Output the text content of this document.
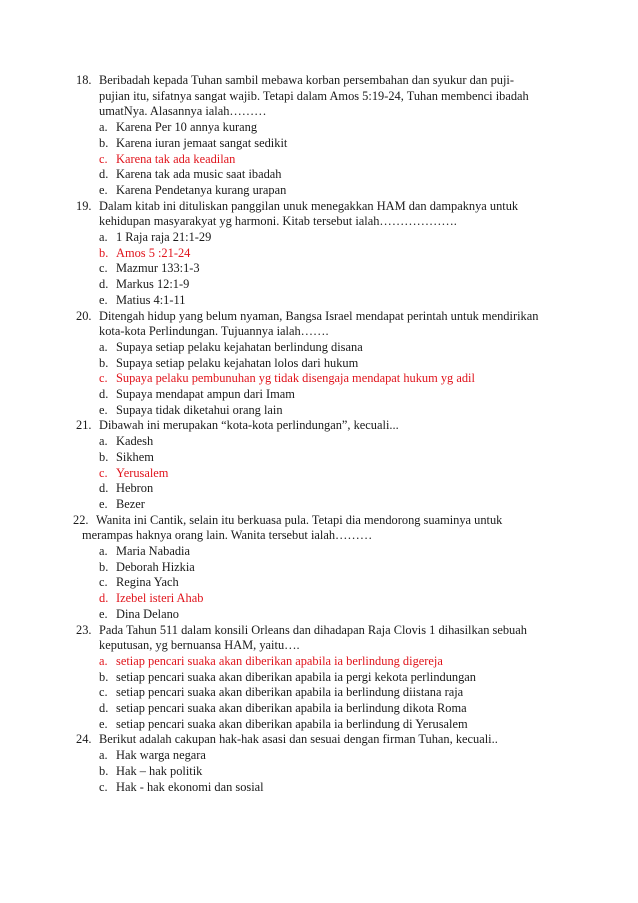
18. Beribadah kepada Tuhan sambil mebawa korban persembahan dan syukur dan puji-
pujian itu, sifatnya sangat wajib. Tetapi dalam Amos 5:19-24, Tuhan membenci ibadah
umatNya. Alasannya ialah………
a. Karena Per 10 annya kurang
b. Karena iuran jemaat sangat sedikit
c. Karena tak ada keadilan
d. Karena tak ada music saat ibadah
e. Karena Pendetanya kurang urapan
19. Dalam kitab ini dituliskan panggilan unuk menegakkan HAM dan dampaknya untuk
kehidupan masyarakyat yg harmoni. Kitab tersebut ialah……………….
a. 1 Raja raja 21:1-29
b. Amos 5 :21-24
c. Mazmur 133:1-3
d. Markus 12:1-9
e. Matius 4:1-11
20. Ditengah hidup yang belum nyaman, Bangsa Israel mendapat perintah untuk mendirikan
kota-kota Perlindungan. Tujuannya ialah…….
a. Supaya setiap pelaku kejahatan berlindung disana
b. Supaya setiap pelaku kejahatan lolos dari hukum
c. Supaya pelaku pembunuhan yg tidak disengaja mendapat hukum yg adil
d. Supaya mendapat ampun dari Imam
e. Supaya tidak diketahui orang lain
21. Dibawah ini merupakan “kota-kota perlindungan”, kecuali...
a. Kadesh
b. Sikhem
c. Yerusalem
d. Hebron
e. Bezer
22. Wanita ini Cantik, selain itu berkuasa pula. Tetapi dia mendorong suaminya untuk
merampas haknya orang lain. Wanita tersebut ialah………
a. Maria Nabadia
b. Deborah Hizkia
c. Regina Yach
d. Izebel isteri Ahab
e. Dina Delano
23. Pada Tahun 511 dalam konsili Orleans dan dihadapan Raja Clovis 1 dihasilkan sebuah
keputusan, yg bernuansa HAM, yaitu….
a. setiap pencari suaka akan diberikan apabila ia berlindung digereja
b. setiap pencari suaka akan diberikan apabila ia pergi kekota perlindungan
c. setiap pencari suaka akan diberikan apabila ia berlindung diistana raja
d. setiap pencari suaka akan diberikan apabila ia berlindung dikota Roma
e. setiap pencari suaka akan diberikan apabila ia berlindung di Yerusalem
24. Berikut adalah cakupan hak-hak asasi dan sesuai dengan firman Tuhan, kecuali..
a. Hak warga negara
b. Hak – hak politik
c. Hak - hak ekonomi dan sosial
